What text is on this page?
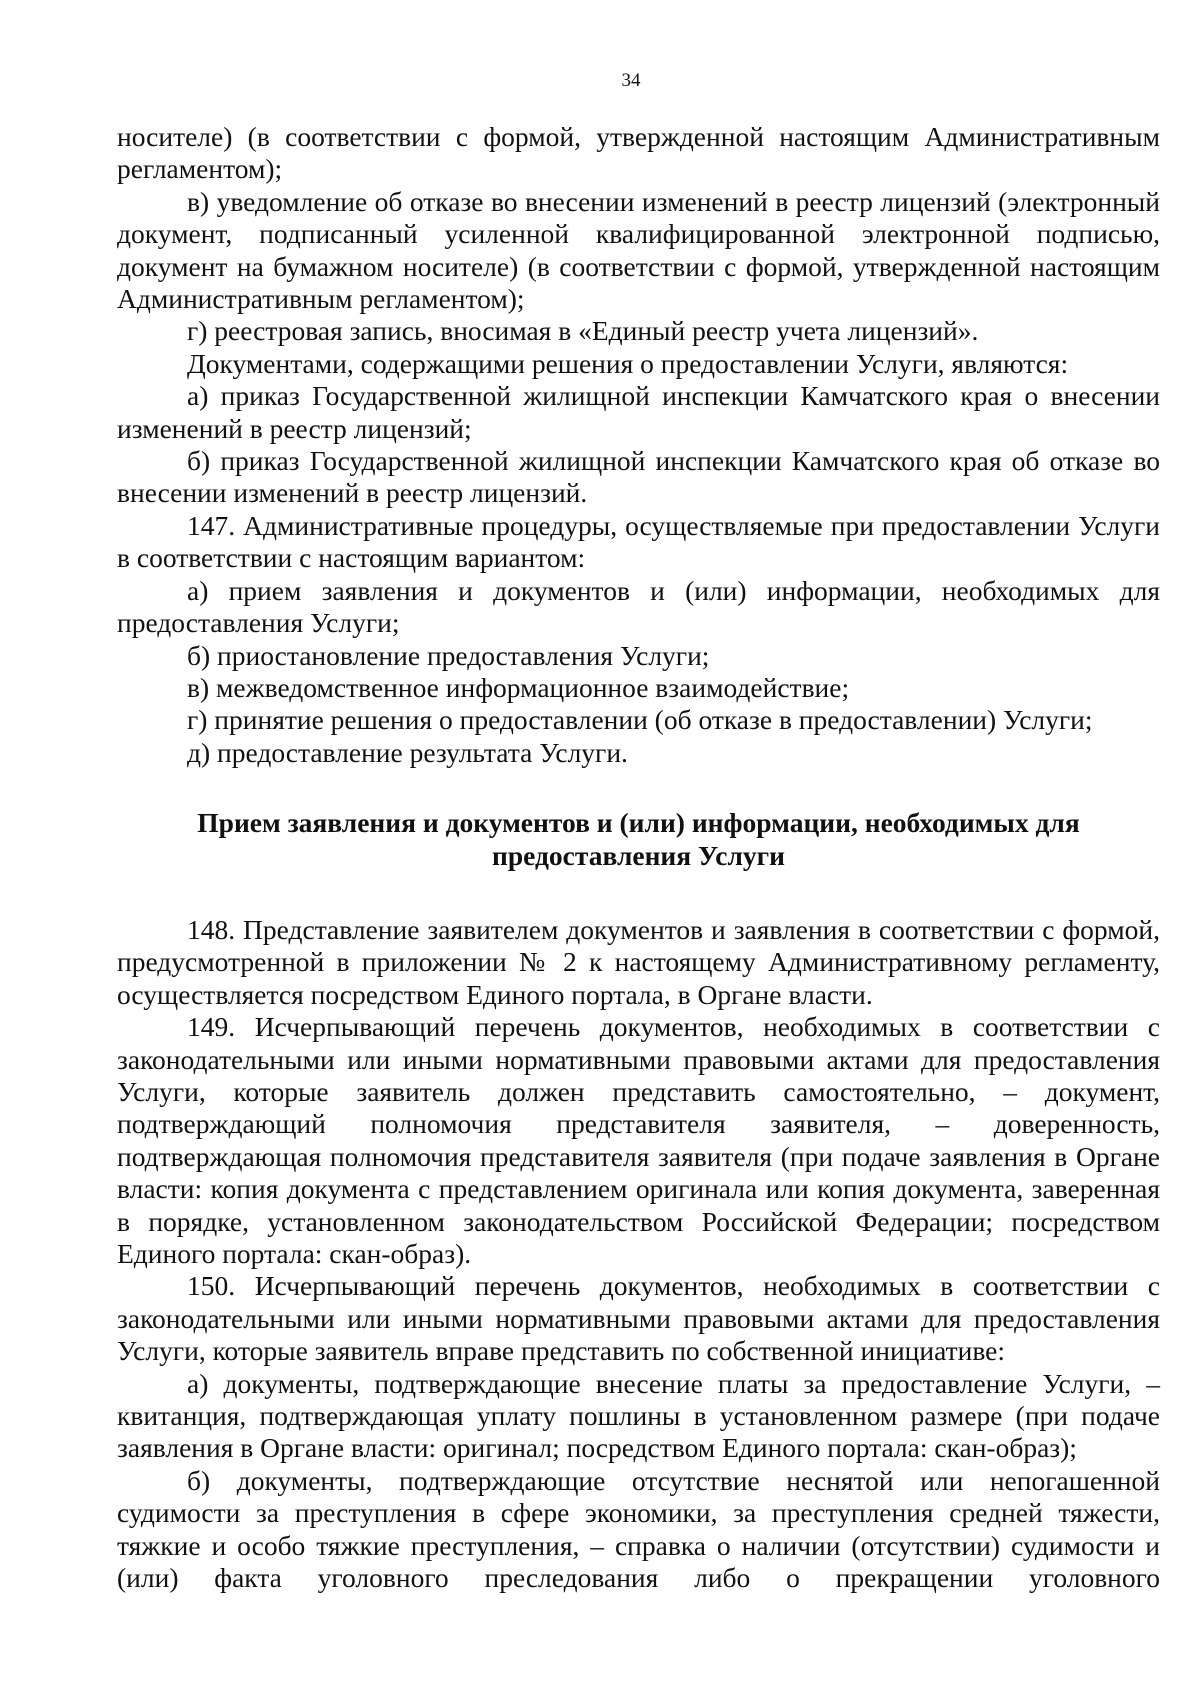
34

носителе) (в соответствии с формой, утвержденной настоящим Административным регламентом);

в) уведомление об отказе во внесении изменений в реестр лицензий (электронный документ, подписанный усиленной квалифицированной электронной подписью, документ на бумажном носителе) (в соответствии с формой, утвержденной настоящим Административным регламентом);

г) реестровая запись, вносимая в «Единый реестр учета лицензий».

Документами, содержащими решения о предоставлении Услуги, являются:

а) приказ Государственной жилищной инспекции Камчатского края о внесении изменений в реестр лицензий;

б) приказ Государственной жилищной инспекции Камчатского края об отказе во внесении изменений в реестр лицензий.

147. Административные процедуры, осуществляемые при предоставлении Услуги в соответствии с настоящим вариантом:

а) прием заявления и документов и (или) информации, необходимых для предоставления Услуги;

б) приостановление предоставления Услуги;

в) межведомственное информационное взаимодействие;

г) принятие решения о предоставлении (об отказе в предоставлении) Услуги;

д) предоставление результата Услуги.

Прием заявления и документов и (или) информации, необходимых для
предоставления Услуги

148. Представление заявителем документов и заявления в соответствии с формой, предусмотренной в приложении № 2 к настоящему Административному регламенту, осуществляется посредством Единого портала, в Органе власти.

149. Исчерпывающий перечень документов, необходимых в соответствии с законодательными или иными нормативными правовыми актами для предоставления Услуги, которые заявитель должен представить самостоятельно, – документ, подтверждающий полномочия представителя заявителя, – доверенность, подтверждающая полномочия представителя заявителя (при подаче заявления в Органе власти: копия документа с представлением оригинала или копия документа, заверенная в порядке, установленном законодательством Российской Федерации; посредством Единого портала: скан-образ).

150. Исчерпывающий перечень документов, необходимых в соответствии с законодательными или иными нормативными правовыми актами для предоставления Услуги, которые заявитель вправе представить по собственной инициативе:

а) документы, подтверждающие внесение платы за предоставление Услуги, – квитанция, подтверждающая уплату пошлины в установленном размере (при подаче заявления в Органе власти: оригинал; посредством Единого портала: скан-образ);

б) документы, подтверждающие отсутствие неснятой или непогашенной судимости за преступления в сфере экономики, за преступления средней тяжести, тяжкие и особо тяжкие преступления, – справка о наличии (отсутствии) судимости и (или) факта уголовного преследования либо о прекращении уголовного
